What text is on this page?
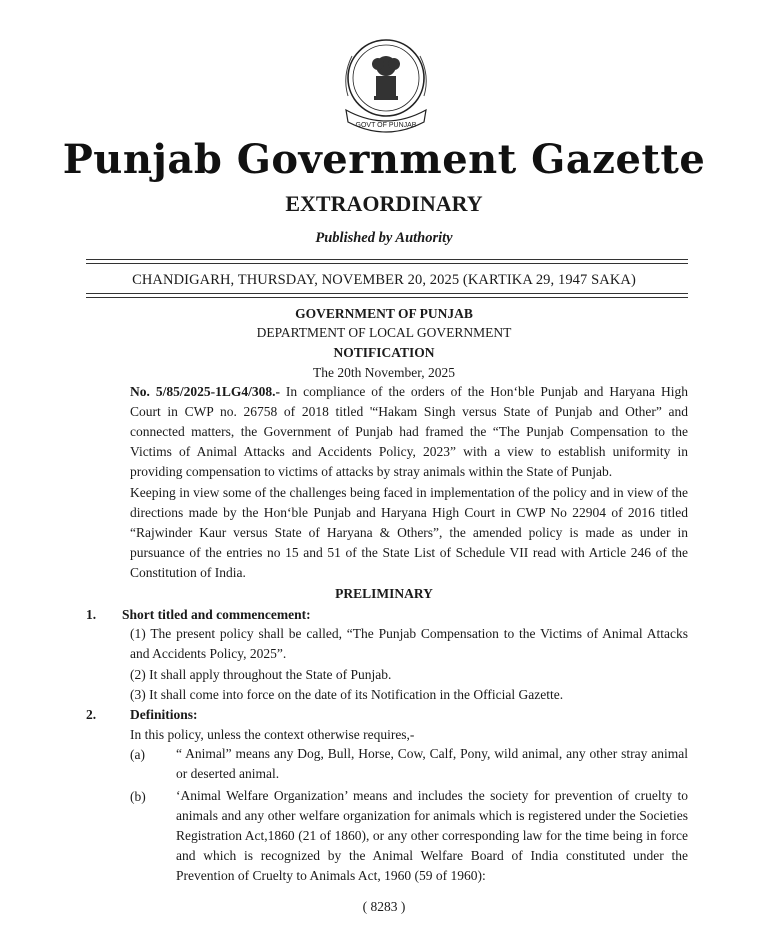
GOVT OF PUNJAB
Punjab Government Gazette
EXTRAORDINARY
Published by Authority
CHANDIGARH, THURSDAY, NOVEMBER 20, 2025 (KARTIKA 29, 1947 SAKA)
GOVERNMENT OF PUNJAB
DEPARTMENT OF LOCAL GOVERNMENT
NOTIFICATION
The 20th November, 2025
No. 5/85/2025-1LG4/308.- In compliance of the orders of the Hon‘ble Punjab and Haryana High Court in CWP no. 26758 of 2018 titled '“Hakam Singh versus State of Punjab and Other” and connected matters, the Government of Punjab had framed the “The Punjab Compensation to the Victims of Animal Attacks and Accidents Policy, 2023” with a view to establish uniformity in providing compensation to victims of attacks by stray animals within the State of Punjab.
Keeping in view some of the challenges being faced in implementation of the policy and in view of the directions made by the Hon‘ble Punjab and Haryana High Court in CWP No 22904 of 2016 titled “Rajwinder Kaur versus State of Haryana & Others”, the amended policy is made as under in pursuance of the entries no 15 and 51 of the State List of Schedule VII read with Article 246 of the Constitution of India.
PRELIMINARY
1. Short titled and commencement:
(1) The present policy shall be called, “The Punjab Compensation to the Victims of Animal Attacks and Accidents Policy, 2025”.
(2) It shall apply throughout the State of Punjab.
(3) It shall come into force on the date of its Notification in the Official Gazette.
2.	Definitions:
In this policy, unless the context otherwise requires,-
(a) “ Animal” means any Dog, Bull, Horse, Cow, Calf, Pony, wild animal, any other stray animal or deserted animal.
(b) ‘Animal Welfare Organization’ means and includes the society for prevention of cruelty to animals and any other welfare organization for animals which is registered under the Societies Registration Act,1860 (21 of 1860), or any other corresponding law for the time being in force and which is recognized by the Animal Welfare Board of India constituted under the Prevention of Cruelty to Animals Act, 1960 (59 of 1960):
( 8283 )
